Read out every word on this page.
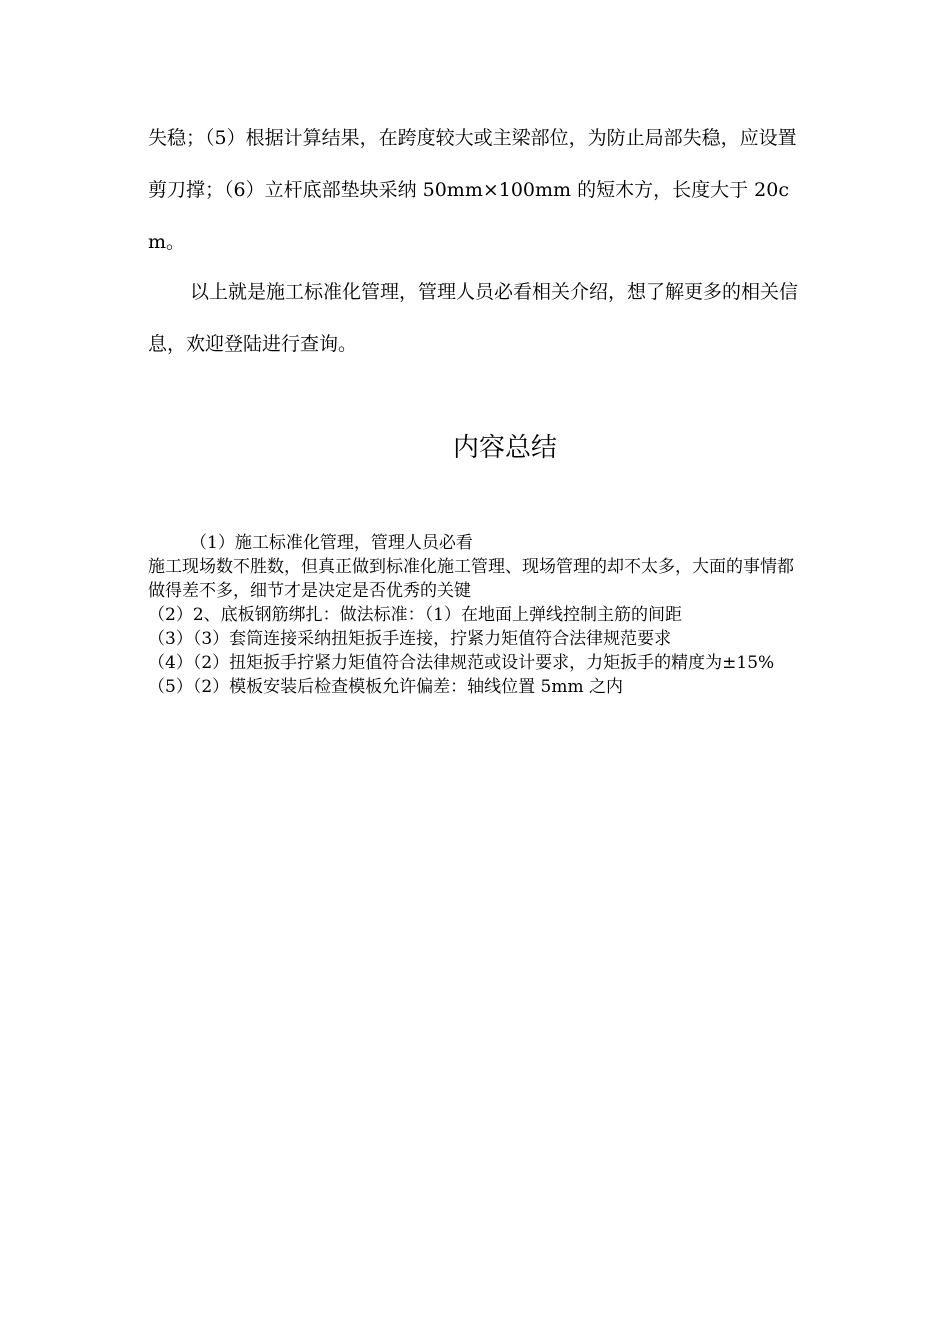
失稳；（5）根据计算结果，在跨度较大或主梁部位，为防止局部失稳，应设置剪刀撑；（6）立杆底部垫块采纳 50mm×100mm 的短木方，长度大于 20cm。

以上就是施工标准化管理，管理人员必看相关介绍，想了解更多的相关信息，欢迎登陆进行查询。

内容总结
（1）施工标准化管理，管理人员必看
施工现场数不胜数，但真正做到标准化施工管理、现场管理的却不太多，大面的事情都做得差不多，细节才是决定是否优秀的关键
（2）2、底板钢筋绑扎：做法标准：（1）在地面上弹线控制主筋的间距
（3）（3）套筒连接采纳扭矩扳手连接，拧紧力矩值符合法律规范要求
（4）（2）扭矩扳手拧紧力矩值符合法律规范或设计要求，力矩扳手的精度为±15%
（5）（2）模板安装后检查模板允许偏差：轴线位置 5mm 之内
